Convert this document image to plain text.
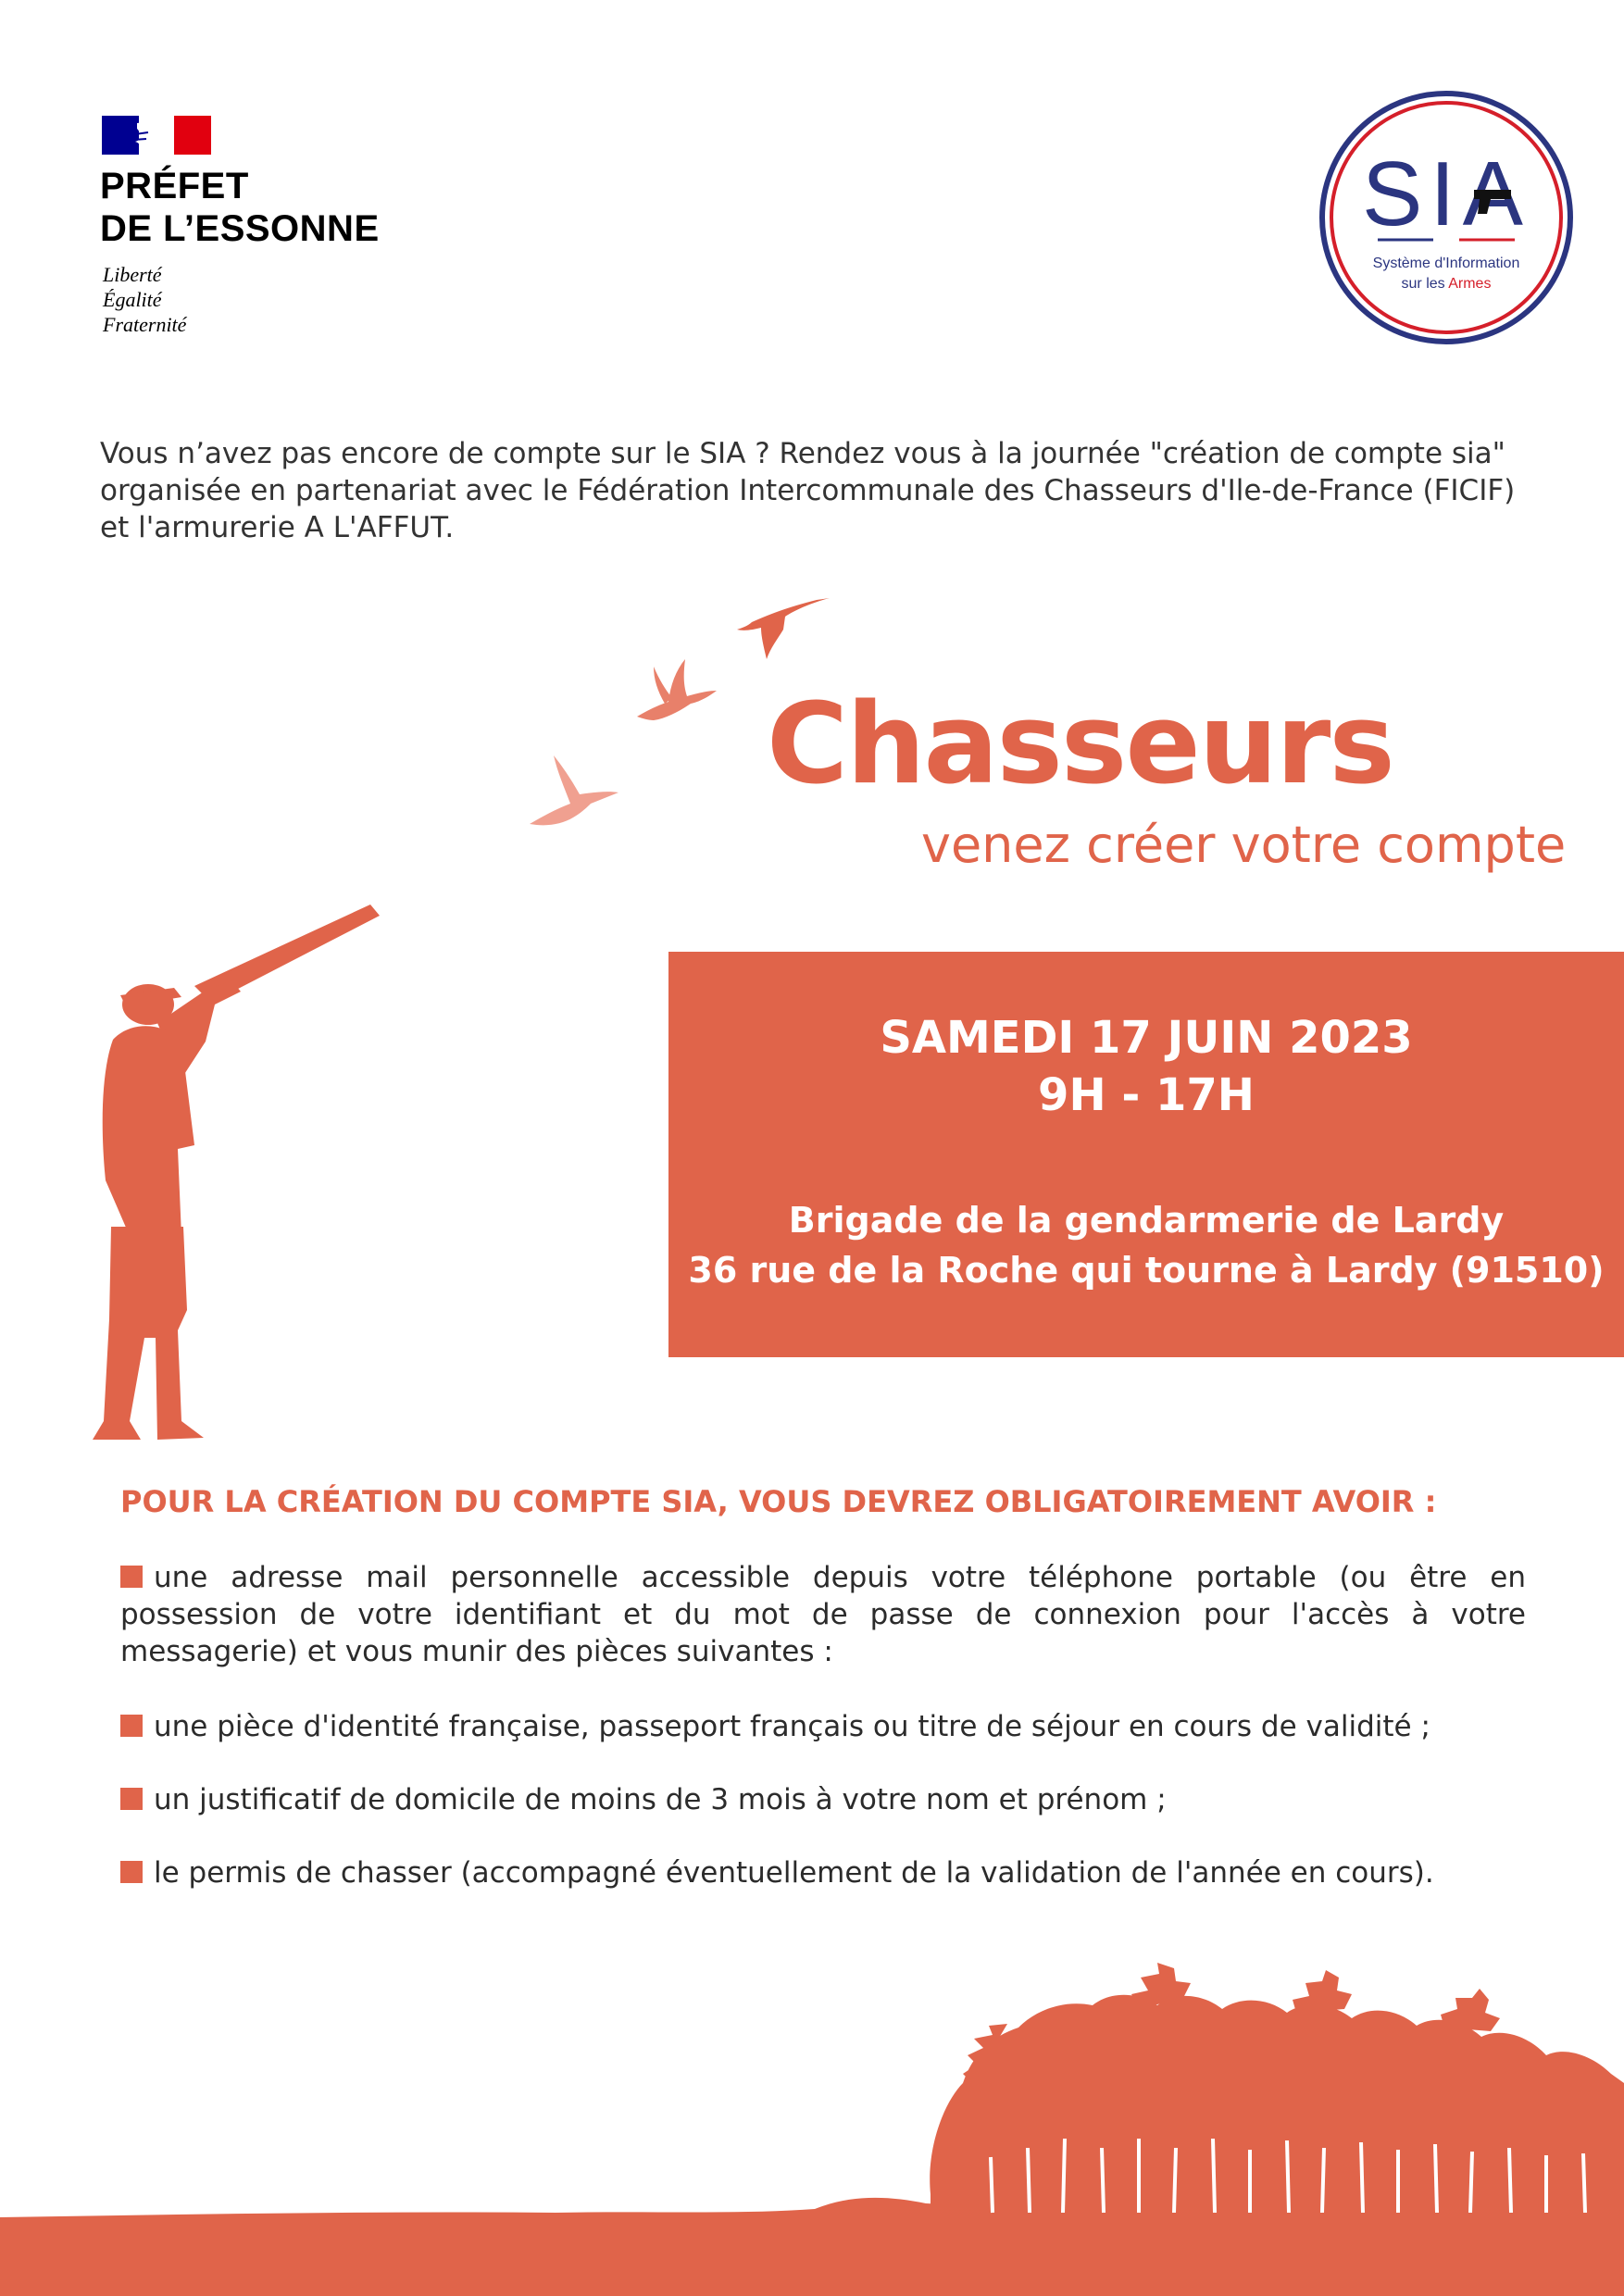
PRÉFET
DE L’ESSONNE
Liberté
Égalité
Fraternité
SIA
Système d'Information
sur les Armes
Vous n’avez pas encore de compte sur le SIA ? Rendez vous à la journée "création de compte sia" organisée en partenariat avec le Fédération Intercommunale des Chasseurs d'Ile-de-France (FICIF) et l'armurerie A L'AFFUT.
Chasseurs
venez créer votre compte
SAMEDI 17 JUIN 2023
9H - 17H
Brigade de la gendarmerie de Lardy
36 rue de la Roche qui tourne à Lardy (91510)
POUR LA CRÉATION DU COMPTE SIA, VOUS DEVREZ OBLIGATOIREMENT AVOIR :
une adresse mail personnelle accessible depuis votre téléphone portable (ou être en possession de votre identifiant et du mot de passe de connexion pour l'accès à votre messagerie) et vous munir des pièces suivantes :
une pièce d'identité française, passeport français ou titre de séjour en cours de validité ;
un justificatif de domicile de moins de 3 mois à votre nom et prénom ;
le permis de chasser (accompagné éventuellement de la validation de l'année en cours).
